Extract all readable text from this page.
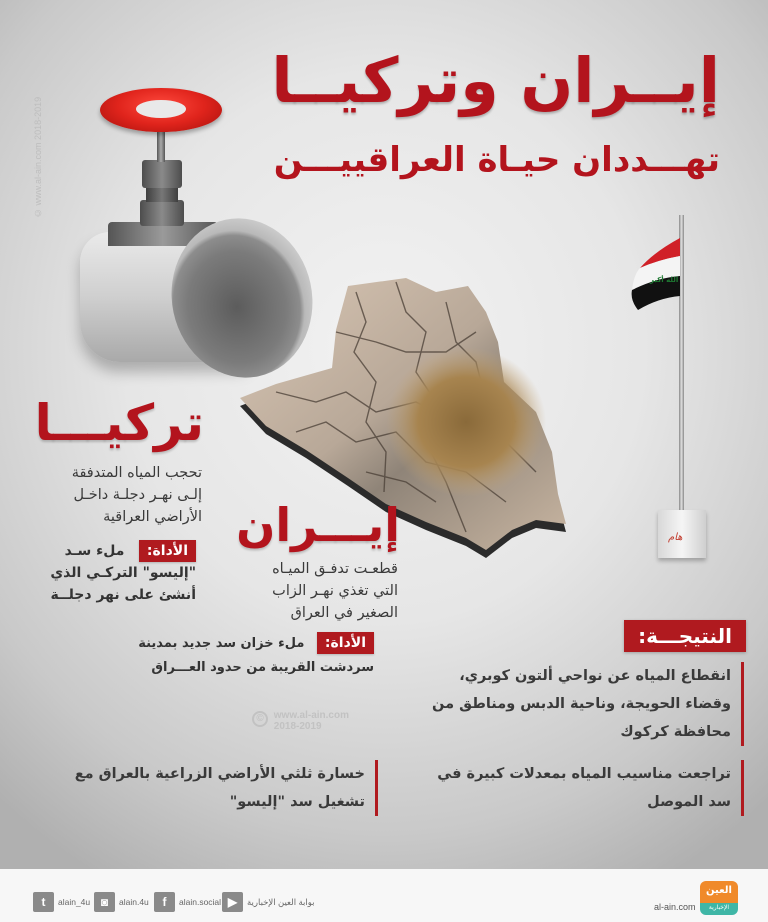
© www.al-ain.com 2018-2019
إيــران وتركيــا
تهـــددان حيـاة العراقييـــن
الله أكبر
هام
تركيـــا
تحجب المياه المتدفقة
إلـى نهـر دجلـة داخـل
الأراضي العراقية
الأداة: ملء سـد
"إليسو" التركـي الذي
أنشئ على نهر دجلــة
إيـــران
قطعـت تدفـق الميـاه
التي تغذي نهـر الزاب
الصغير في العراق
الأداة: ملء خزان سد جديد بمدينة
سردشت القريبة من حدود العـــراق
© www.al-ain.com
2018-2019
النتيجـــة:
انقطاع المياه عن نواحي ألتون كوبري، وقضاء الحويجة، وناحية الدبس ومناطق من محافظة كركوك
تراجعت مناسيب المياه بمعدلات كبيرة في سد الموصل
خسارة ثلثي الأراضي الزراعية بالعراق مع تشغيل سد "إليسو"
t	alain_4u ◙	alain.4u	f	alain.social ▶	بوابة العين الإخبارية
al-ain.com
العين
الإخبارية
